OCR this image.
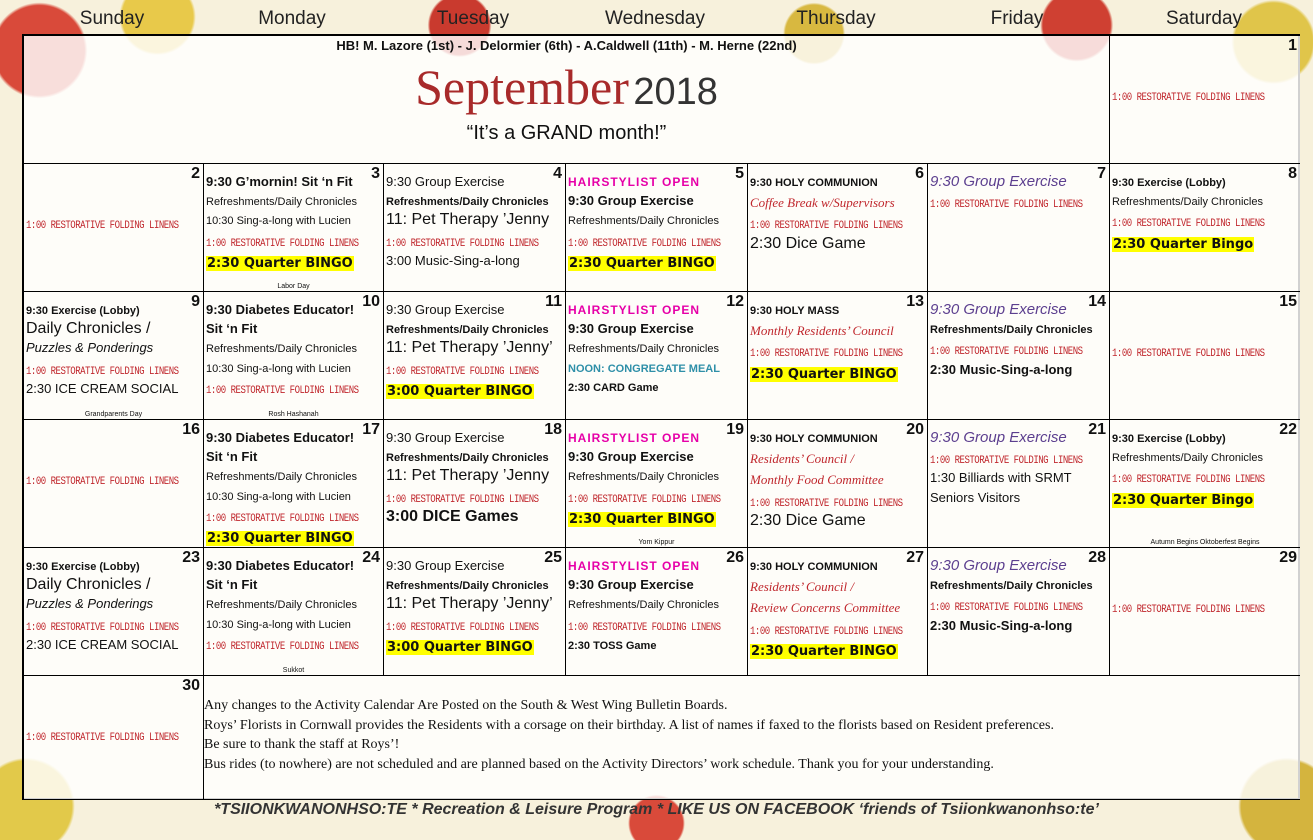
Sunday	Monday	Tuesday	Wednesday	Thursday	Friday	Saturday
HB! M. Lazore (1st) - J. Delormier (6th) - A.Caldwell (11th) - M. Herne (22nd)
September 2018
“It’s a GRAND month!”
Any changes to the Activity Calendar Are Posted on the South & West Wing Bulletin Boards.
Roys’ Florists in Cornwall provides the Residents with a corsage on their birthday. A list of names if faxed to the florists based on Resident preferences.
Be sure to thank the staff at Roys’!
Bus rides (to nowhere) are not scheduled and are planned based on the Activity Directors’ work schedule. Thank you for your understanding.
1
1:00 RESTORATIVE FOLDING LINENS
2
1:00 RESTORATIVE FOLDING LINENS
3
9:30 G’mornin! Sit ‘n Fit
Refreshments/Daily Chronicles
10:30 Sing-a-long with Lucien
1:00 RESTORATIVE FOLDING LINENS
2:30 Quarter BINGO
Labor Day
4
9:30 Group Exercise
Refreshments/Daily Chronicles
11: Pet Therapy ’Jenny
1:00 RESTORATIVE FOLDING LINENS
3:00 Music-Sing-a-long
5
HAIRSTYLIST OPEN
9:30 Group Exercise
Refreshments/Daily Chronicles
1:00 RESTORATIVE FOLDING LINENS
2:30 Quarter BINGO
6
9:30 HOLY COMMUNION
Coffee Break w/Supervisors
1:00 RESTORATIVE FOLDING LINENS
2:30 Dice Game
7
9:30 Group Exercise
1:00 RESTORATIVE FOLDING LINENS
8
9:30 Exercise (Lobby)
Refreshments/Daily Chronicles
1:00 RESTORATIVE FOLDING LINENS
2:30 Quarter Bingo
9
9:30 Exercise (Lobby)
Daily Chronicles /
Puzzles & Ponderings
1:00 RESTORATIVE FOLDING LINENS
2:30 ICE CREAM SOCIAL
Grandparents Day
10
9:30 Diabetes Educator!
Sit ‘n Fit
Refreshments/Daily Chronicles
10:30 Sing-a-long with Lucien
1:00 RESTORATIVE FOLDING LINENS
Rosh Hashanah
11
9:30 Group Exercise
Refreshments/Daily Chronicles
11: Pet Therapy ’Jenny’
1:00 RESTORATIVE FOLDING LINENS
3:00 Quarter BINGO
12
HAIRSTYLIST OPEN
9:30 Group Exercise
Refreshments/Daily Chronicles
NOON: CONGREGATE MEAL
2:30 CARD Game
13
9:30 HOLY MASS
Monthly Residents’ Council
1:00 RESTORATIVE FOLDING LINENS
2:30 Quarter BINGO
14
9:30 Group Exercise
Refreshments/Daily Chronicles
1:00 RESTORATIVE FOLDING LINENS
2:30 Music-Sing-a-long
15
1:00 RESTORATIVE FOLDING LINENS
16
1:00 RESTORATIVE FOLDING LINENS
17
9:30 Diabetes Educator!
Sit ‘n Fit
Refreshments/Daily Chronicles
10:30 Sing-a-long with Lucien
1:00 RESTORATIVE FOLDING LINENS
2:30 Quarter BINGO
18
9:30 Group Exercise
Refreshments/Daily Chronicles
11: Pet Therapy ’Jenny
1:00 RESTORATIVE FOLDING LINENS
3:00 DICE Games
19
HAIRSTYLIST OPEN
9:30 Group Exercise
Refreshments/Daily Chronicles
1:00 RESTORATIVE FOLDING LINENS
2:30 Quarter BINGO
Yom Kippur
20
9:30 HOLY COMMUNION
Residents’ Council /
Monthly Food Committee
1:00 RESTORATIVE FOLDING LINENS
2:30 Dice Game
21
9:30 Group Exercise
1:00 RESTORATIVE FOLDING LINENS
1:30 Billiards with SRMT
Seniors Visitors
22
9:30 Exercise (Lobby)
Refreshments/Daily Chronicles
1:00 RESTORATIVE FOLDING LINENS
2:30 Quarter Bingo
Autumn Begins Oktoberfest Begins
23
9:30 Exercise (Lobby)
Daily Chronicles /
Puzzles & Ponderings
1:00 RESTORATIVE FOLDING LINENS
2:30 ICE CREAM SOCIAL
24
9:30 Diabetes Educator!
Sit ‘n Fit
Refreshments/Daily Chronicles
10:30 Sing-a-long with Lucien
1:00 RESTORATIVE FOLDING LINENS
Sukkot
25
9:30 Group Exercise
Refreshments/Daily Chronicles
11: Pet Therapy ’Jenny’
1:00 RESTORATIVE FOLDING LINENS
3:00 Quarter BINGO
26
HAIRSTYLIST OPEN
9:30 Group Exercise
Refreshments/Daily Chronicles
1:00 RESTORATIVE FOLDING LINENS
2:30 TOSS Game
27
9:30 HOLY COMMUNION
Residents’ Council /
Review Concerns Committee
1:00 RESTORATIVE FOLDING LINENS
2:30 Quarter BINGO
28
9:30 Group Exercise
Refreshments/Daily Chronicles
1:00 RESTORATIVE FOLDING LINENS
2:30 Music-Sing-a-long
29
1:00 RESTORATIVE FOLDING LINENS
30
1:00 RESTORATIVE FOLDING LINENS
*TSIIONKWANONHSO:TE * Recreation & Leisure Program * LIKE US ON FACEBOOK ‘friends of Tsiionkwanonhso:te’
